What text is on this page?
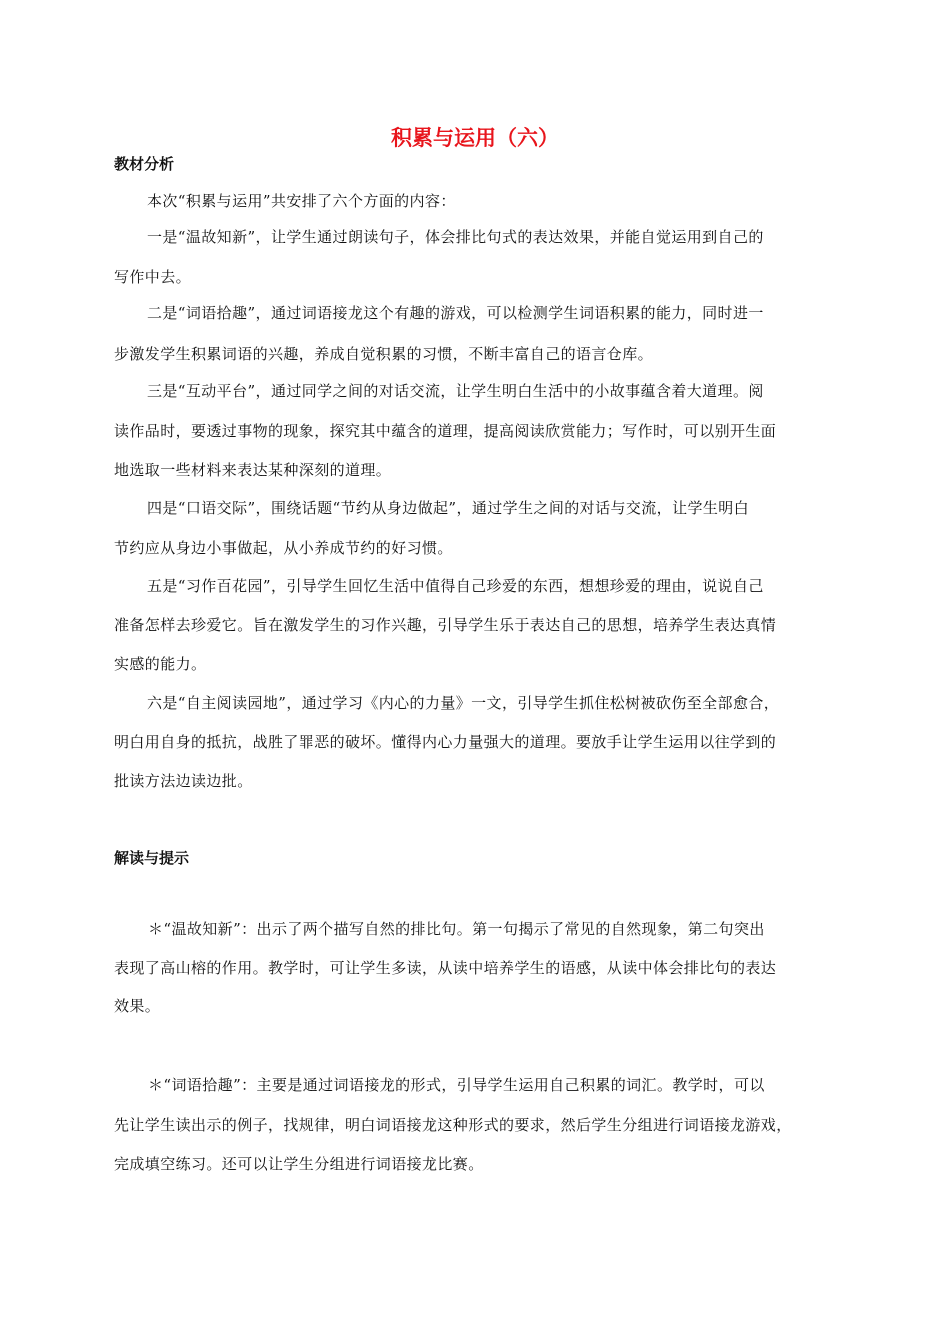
积累与运用（六）
教材分析
本次“积累与运用”共安排了六个方面的内容：
一是“温故知新”，让学生通过朗读句子，体会排比句式的表达效果，并能自觉运用到自己的
写作中去。
二是“词语拾趣”，通过词语接龙这个有趣的游戏，可以检测学生词语积累的能力，同时进一
步激发学生积累词语的兴趣，养成自觉积累的习惯，不断丰富自己的语言仓库。
三是“互动平台”，通过同学之间的对话交流，让学生明白生活中的小故事蕴含着大道理。阅
读作品时，要透过事物的现象，探究其中蕴含的道理，提高阅读欣赏能力；写作时，可以别开生面
地选取一些材料来表达某种深刻的道理。
四是“口语交际”，围绕话题“节约从身边做起”，通过学生之间的对话与交流，让学生明白
节约应从身边小事做起，从小养成节约的好习惯。
五是“习作百花园”，引导学生回忆生活中值得自己珍爱的东西，想想珍爱的理由，说说自己
准备怎样去珍爱它。旨在激发学生的习作兴趣，引导学生乐于表达自己的思想，培养学生表达真情
实感的能力。
六是“自主阅读园地”，通过学习《内心的力量》一文，引导学生抓住松树被砍伤至全部愈合，
明白用自身的抵抗，战胜了罪恶的破坏。懂得内心力量强大的道理。要放手让学生运用以往学到的
批读方法边读边批。
解读与提示
＊“温故知新”：出示了两个描写自然的排比句。第一句揭示了常见的自然现象，第二句突出
表现了高山榕的作用。教学时，可让学生多读，从读中培养学生的语感，从读中体会排比句的表达
效果。
＊“词语拾趣”：主要是通过词语接龙的形式，引导学生运用自己积累的词汇。教学时，可以
先让学生读出示的例子，找规律，明白词语接龙这种形式的要求，然后学生分组进行词语接龙游戏，
完成填空练习。还可以让学生分组进行词语接龙比赛。
